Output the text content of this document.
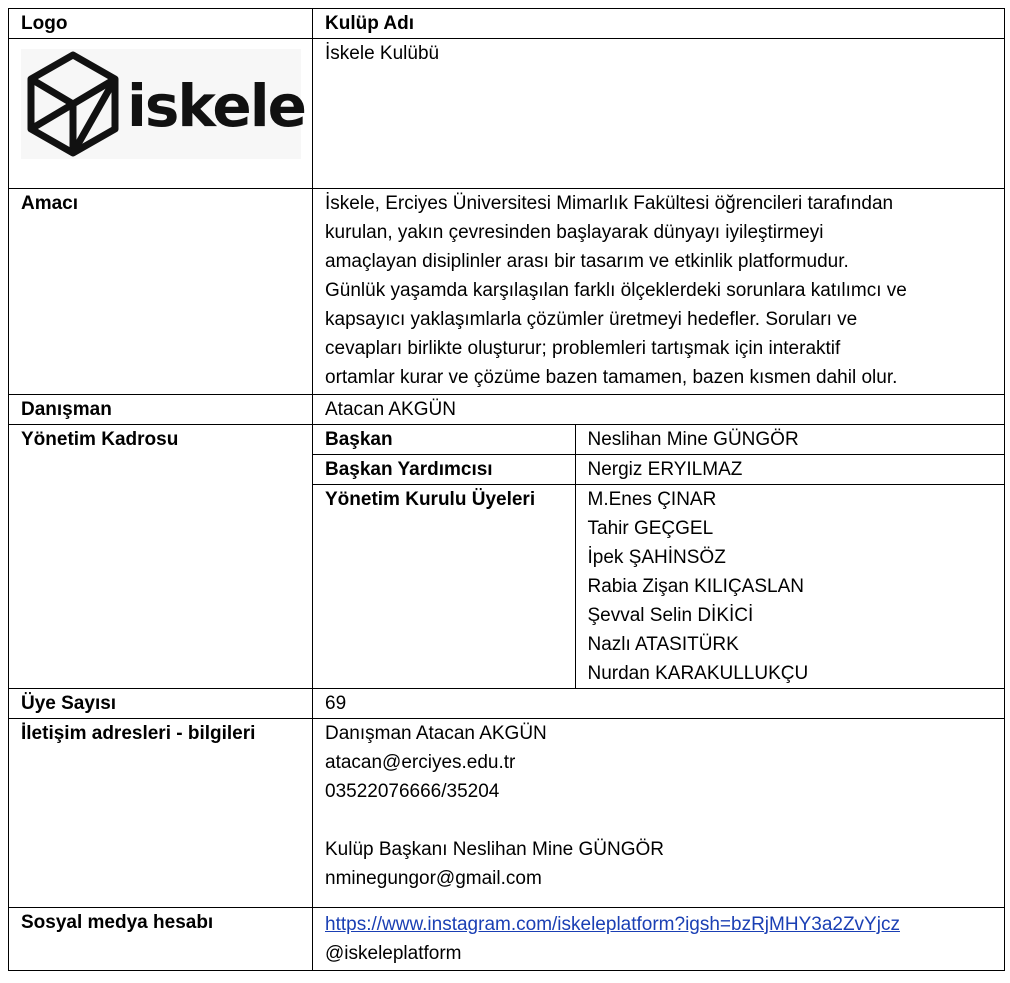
Logo	Kulüp Adı

iskele
	İskele Kulübü
Amacı	İskele, Erciyes Üniversitesi Mimarlık Fakültesi öğrencileri tarafından
kurulan, yakın çevresinden başlayarak dünyayı iyileştirmeyi
amaçlayan disiplinler arası bir tasarım ve etkinlik platformudur.
Günlük yaşamda karşılaşılan farklı ölçeklerdeki sorunlara katılımcı ve
kapsayıcı yaklaşımlarla çözümler üretmeyi hedefler. Soruları ve
cevapları birlikte oluşturur; problemleri tartışmak için interaktif
ortamlar kurar ve çözüme bazen tamamen, bazen kısmen dahil olur.

Danışman	Atacan AKGÜN
Yönetim Kadrosu		Başkan	Neslihan Mine GÜNGÖR
Başkan Yardımcısı	Nergiz ERYILMAZ
Yönetim Kurulu Üyeleri	M.Enes ÇINAR
Tahir GEÇGEL
İpek ŞAHİNSÖZ
Rabia Zişan KILIÇASLAN
Şevval Selin DİKİCİ
Nazlı ATASITÜRK
Nurdan KARAKULLUKÇU

Üye Sayısı	69
İletişim adresleri - bilgileri	Danışman Atacan AKGÜN
atacan@erciyes.edu.tr
03522076666/35204
Kulüp Başkanı Neslihan Mine GÜNGÖR
nminegungor@gmail.com

Sosyal medya hesabı	https://www.instagram.com/iskeleplatform?igsh=bzRjMHY3a2ZvYjcz
@iskeleplatform
